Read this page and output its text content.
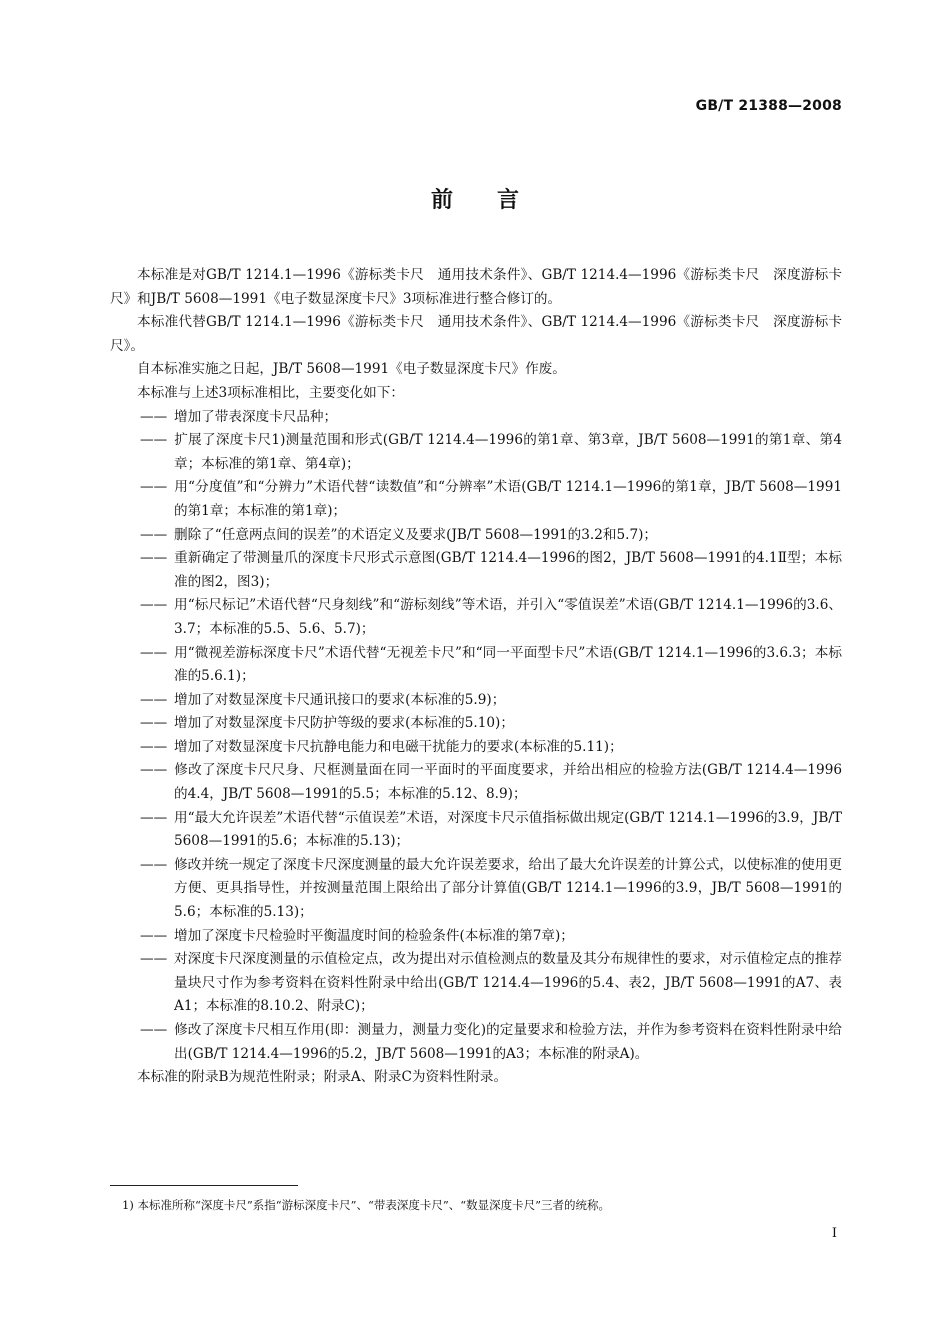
GB/T 21388—2008
前言

本标准是对GB/T 1214.1—1996《游标类卡尺　通用技术条件》、GB/T 1214.4—1996《游标类卡尺　深度游标卡尺》和JB/T 5608—1991《电子数显深度卡尺》3项标准进行整合修订的。

本标准代替GB/T 1214.1—1996《游标类卡尺　通用技术条件》、GB/T 1214.4—1996《游标类卡尺　深度游标卡尺》。

自本标准实施之日起，JB/T 5608—1991《电子数显深度卡尺》作废。

本标准与上述3项标准相比，主要变化如下：

—— 增加了带表深度卡尺品种；

—— 扩展了深度卡尺1)测量范围和形式(GB/T 1214.4—1996的第1章、第3章，JB/T 5608—1991的第1章、第4章；本标准的第1章、第4章)；

—— 用“分度值”和“分辨力”术语代替“读数值”和“分辨率”术语(GB/T 1214.1—1996的第1章，JB/T 5608—1991的第1章；本标准的第1章)；

—— 删除了“任意两点间的误差”的术语定义及要求(JB/T 5608—1991的3.2和5.7)；

—— 重新确定了带测量爪的深度卡尺形式示意图(GB/T 1214.4—1996的图2，JB/T 5608—1991的4.1Ⅱ型；本标准的图2，图3)；

—— 用“标尺标记”术语代替“尺身刻线”和“游标刻线”等术语，并引入“零值误差”术语(GB/T 1214.1—1996的3.6、3.7；本标准的5.5、5.6、5.7)；

—— 用“微视差游标深度卡尺”术语代替“无视差卡尺”和“同一平面型卡尺”术语(GB/T 1214.1—1996的3.6.3；本标准的5.6.1)；

—— 增加了对数显深度卡尺通讯接口的要求(本标准的5.9)；

—— 增加了对数显深度卡尺防护等级的要求(本标准的5.10)；

—— 增加了对数显深度卡尺抗静电能力和电磁干扰能力的要求(本标准的5.11)；

—— 修改了深度卡尺尺身、尺框测量面在同一平面时的平面度要求，并给出相应的检验方法(GB/T 1214.4—1996的4.4，JB/T 5608—1991的5.5；本标准的5.12、8.9)；

—— 用“最大允许误差”术语代替“示值误差”术语，对深度卡尺示值指标做出规定(GB/T 1214.1—1996的3.9，JB/T 5608—1991的5.6；本标准的5.13)；

—— 修改并统一规定了深度卡尺深度测量的最大允许误差要求，给出了最大允许误差的计算公式，以使标准的使用更方便、更具指导性，并按测量范围上限给出了部分计算值(GB/T 1214.1—1996的3.9，JB/T 5608—1991的5.6；本标准的5.13)；

—— 增加了深度卡尺检验时平衡温度时间的检验条件(本标准的第7章)；

—— 对深度卡尺深度测量的示值检定点，改为提出对示值检测点的数量及其分布规律性的要求，对示值检定点的推荐量块尺寸作为参考资料在资料性附录中给出(GB/T 1214.4—1996的5.4、表2，JB/T 5608—1991的A7、表A1；本标准的8.10.2、附录C)；

—— 修改了深度卡尺相互作用(即：测量力，测量力变化)的定量要求和检验方法，并作为参考资料在资料性附录中给出(GB/T 1214.4—1996的5.2，JB/T 5608—1991的A3；本标准的附录A)。

本标准的附录B为规范性附录；附录A、附录C为资料性附录。

1) 本标准所称“深度卡尺”系指“游标深度卡尺”、“带表深度卡尺”、“数显深度卡尺”三者的统称。
I
